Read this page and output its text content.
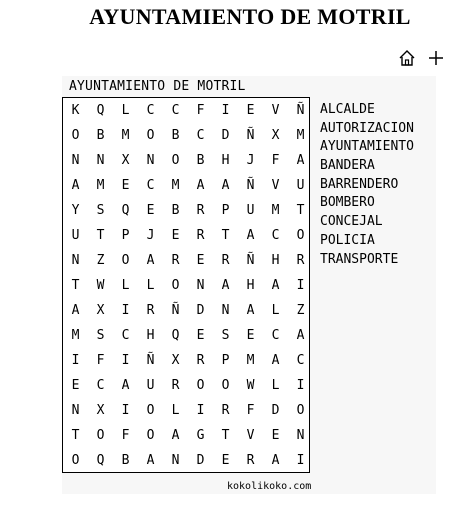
AYUNTAMIENTO DE MOTRIL
AYUNTAMIENTO DE MOTRIL
K	Q	L	C	C	F	I	E	V	Ñ
O	B	M	O	B	C	D	Ñ	X	M
N	N	X	N	O	B	H	J	F	A
A	M	E	C	M	A	A	Ñ	V	U
Y	S	Q	E	B	R	P	U	M	T
U	T	P	J	E	R	T	A	C	O
N	Z	O	A	R	E	R	Ñ	H	R
T	W	L	L	O	N	A	H	A	I
A	X	I	R	Ñ	D	N	A	L	Z
M	S	C	H	Q	E	S	E	C	A
I	F	I	Ñ	X	R	P	M	A	C
E	C	A	U	R	O	O	W	L	I
N	X	I	O	L	I	R	F	D	O
T	O	F	O	A	G	T	V	E	N
O	Q	B	A	N	D	E	R	A	I
ALCALDE
AUTORIZACION
AYUNTAMIENTO
BANDERA
BARRENDERO
BOMBERO
CONCEJAL
POLICIA
TRANSPORTE
kokolikoko.com
